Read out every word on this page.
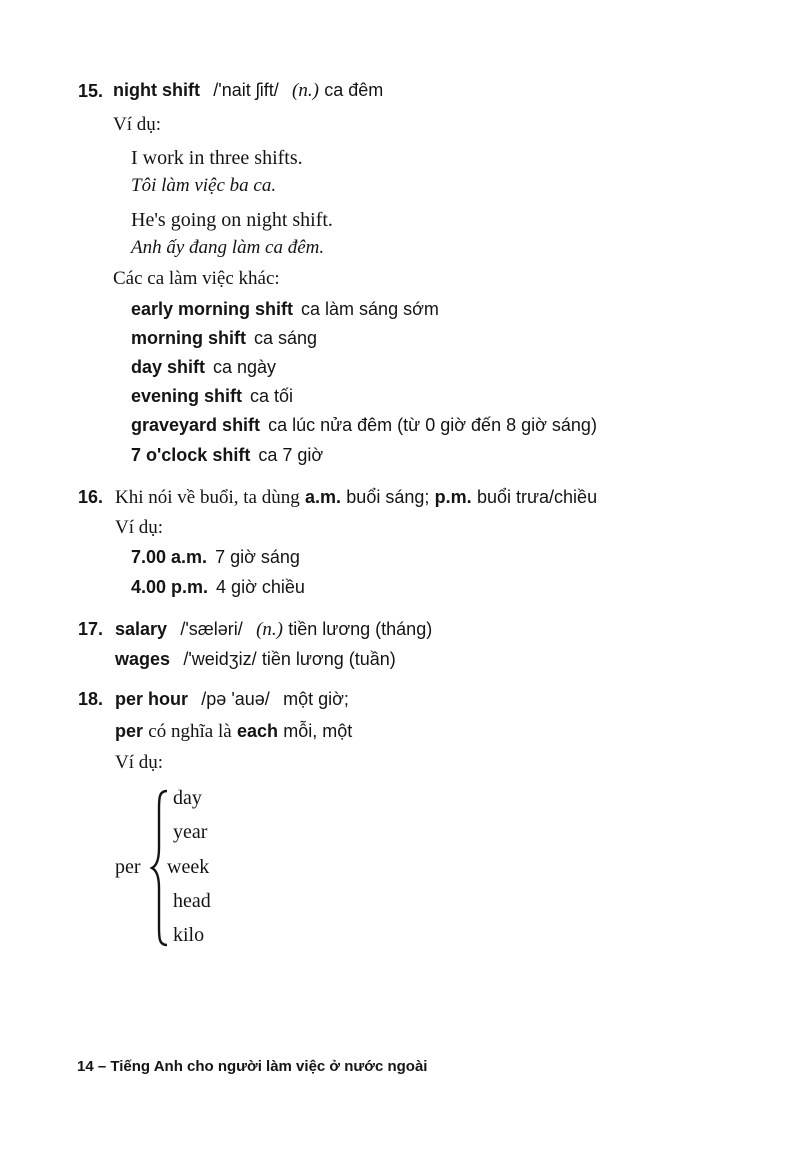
15. night shift /'nait ʃift/ (n.) ca đêm
Ví dụ:
I work in three shifts.
Tôi làm việc ba ca.
He's going on night shift.
Anh ấy đang làm ca đêm.
Các ca làm việc khác:
early morning shift ca làm sáng sớm
morning shift ca sáng
day shift ca ngày
evening shift ca tối
graveyard shift ca lúc nửa đêm (từ 0 giờ đến 8 giờ sáng)
7 o'clock shift ca 7 giờ
16. Khi nói về buổi, ta dùng a.m. buổi sáng; p.m. buổi trưa/chiều
Ví dụ:
7.00 a.m. 7 giờ sáng
4.00 p.m. 4 giờ chiều
17. salary /'sæləri/ (n.) tiền lương (tháng)
wages /'weidʒiz/ tiền lương (tuần)
18. per hour /pə 'auə/ một giờ;
per có nghĩa là each mỗi, một
Ví dụ:
per
day
year
week
head
kilo
14 – Tiếng Anh cho người làm việc ở nước ngoài
